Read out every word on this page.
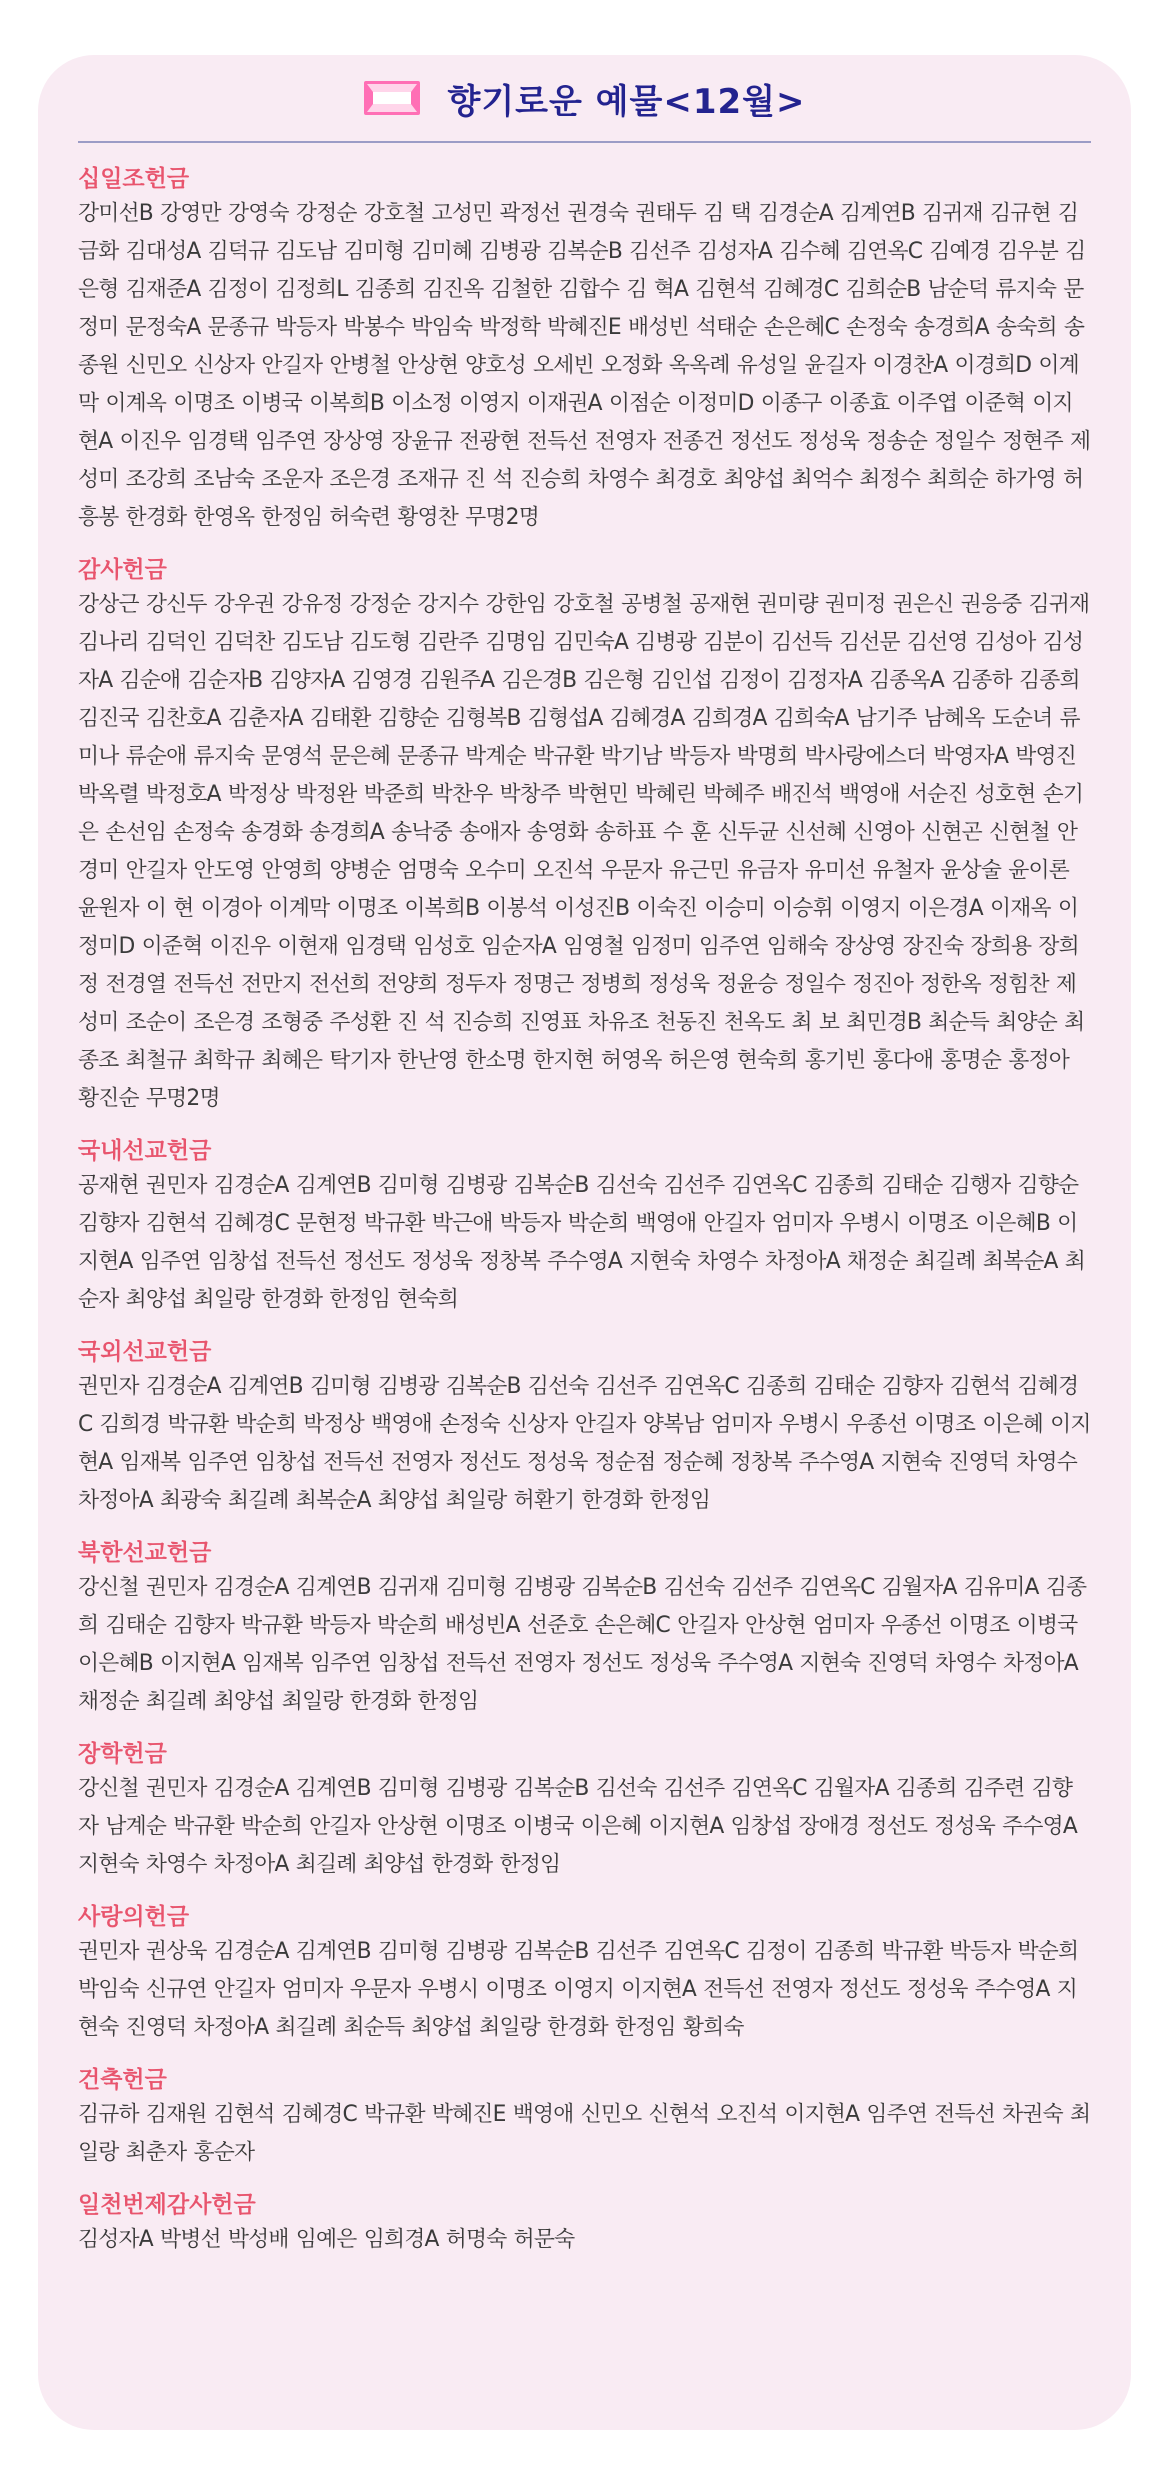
향기로운 예물<12월>
십일조헌금
강미선B 강영만 강영숙 강정순 강호철 고성민 곽정선 권경숙 권태두 김 택 김경순A 김계연B 김귀재 김규현 김금화 김대성A 김덕규 김도남 김미형 김미혜 김병광 김복순B 김선주 김성자A 김수혜 김연옥C 김예경 김우분 김은형 김재준A 김정이 김정희L 김종희 김진옥 김철한 김합수 김 혁A 김현석 김혜경C 김희순B 남순덕 류지숙 문정미 문정숙A 문종규 박등자 박봉수 박임숙 박정학 박혜진E 배성빈 석태순 손은혜C 손정숙 송경희A 송숙희 송종원 신민오 신상자 안길자 안병철 안상현 양호성 오세빈 오정화 옥옥례 유성일 윤길자 이경찬A 이경희D 이계막 이계옥 이명조 이병국 이복희B 이소정 이영지 이재권A 이점순 이정미D 이종구 이종효 이주엽 이준혁 이지현A 이진우 임경택 임주연 장상영 장윤규 전광현 전득선 전영자 전종건 정선도 정성욱 정송순 정일수 정현주 제성미 조강희 조남숙 조운자 조은경 조재규 진 석 진승희 차영수 최경호 최양섭 최억수 최정수 최희순 하가영 허흥봉 한경화 한영옥 한정임 허숙련 황영찬 무명2명
감사헌금
강상근 강신두 강우권 강유정 강정순 강지수 강한임 강호철 공병철 공재현 권미량 권미정 권은신 권응중 김귀재 김나리 김덕인 김덕찬 김도남 김도형 김란주 김명임 김민숙A 김병광 김분이 김선득 김선문 김선영 김성아 김성자A 김순애 김순자B 김양자A 김영경 김원주A 김은경B 김은형 김인섭 김정이 김정자A 김종옥A 김종하 김종희 김진국 김찬호A 김춘자A 김태환 김향순 김형복B 김형섭A 김혜경A 김희경A 김희숙A 남기주 남혜옥 도순녀 류미나 류순애 류지숙 문영석 문은혜 문종규 박계순 박규환 박기남 박등자 박명희 박사랑에스더 박영자A 박영진 박옥렬 박정호A 박정상 박정완 박준희 박찬우 박창주 박현민 박혜린 박혜주 배진석 백영애 서순진 성호현 손기은 손선임 손정숙 송경화 송경희A 송낙중 송애자 송영화 송하표 수 훈 신두균 신선혜 신영아 신현곤 신현철 안경미 안길자 안도영 안영희 양병순 엄명숙 오수미 오진석 우문자 유근민 유금자 유미선 유철자 윤상술 윤이론 윤원자 이 현 이경아 이계막 이명조 이복희B 이봉석 이성진B 이숙진 이승미 이승휘 이영지 이은경A 이재옥 이정미D 이준혁 이진우 이현재 임경택 임성호 임순자A 임영철 임정미 임주연 임해숙 장상영 장진숙 장희용 장희정 전경열 전득선 전만지 전선희 전양희 정두자 정명근 정병희 정성욱 정윤승 정일수 정진아 정한옥 정힘찬 제성미 조순이 조은경 조형중 주성환 진 석 진승희 진영표 차유조 천동진 천옥도 최 보 최민경B 최순득 최양순 최종조 최철규 최학규 최혜은 탁기자 한난영 한소명 한지현 허영옥 허은영 현숙희 홍기빈 홍다애 홍명순 홍정아 황진순 무명2명
국내선교헌금
공재현 권민자 김경순A 김계연B 김미형 김병광 김복순B 김선숙 김선주 김연옥C 김종희 김태순 김행자 김향순 김향자 김현석 김혜경C 문현정 박규환 박근애 박등자 박순희 백영애 안길자 엄미자 우병시 이명조 이은혜B 이지현A 임주연 임창섭 전득선 정선도 정성욱 정창복 주수영A 지현숙 차영수 차정아A 채정순 최길례 최복순A 최순자 최양섭 최일랑 한경화 한정임 현숙희
국외선교헌금
권민자 김경순A 김계연B 김미형 김병광 김복순B 김선숙 김선주 김연옥C 김종희 김태순 김향자 김현석 김혜경C 김희경 박규환 박순희 박정상 백영애 손정숙 신상자 안길자 양복남 엄미자 우병시 우종선 이명조 이은혜 이지현A 임재복 임주연 임창섭 전득선 전영자 정선도 정성욱 정순점 정순혜 정창복 주수영A 지현숙 진영덕 차영수 차정아A 최광숙 최길례 최복순A 최양섭 최일랑 허환기 한경화 한정임
북한선교헌금
강신철 권민자 김경순A 김계연B 김귀재 김미형 김병광 김복순B 김선숙 김선주 김연옥C 김월자A 김유미A 김종희 김태순 김향자 박규환 박등자 박순희 배성빈A 선준호 손은혜C 안길자 안상현 엄미자 우종선 이명조 이병국 이은혜B 이지현A 임재복 임주연 임창섭 전득선 전영자 정선도 정성욱 주수영A 지현숙 진영덕 차영수 차정아A 채정순 최길례 최양섭 최일랑 한경화 한정임
장학헌금
강신철 권민자 김경순A 김계연B 김미형 김병광 김복순B 김선숙 김선주 김연옥C 김월자A 김종희 김주련 김향자 남계순 박규환 박순희 안길자 안상현 이명조 이병국 이은혜 이지현A 임창섭 장애경 정선도 정성욱 주수영A 지현숙 차영수 차정아A 최길례 최양섭 한경화 한정임
사랑의헌금
권민자 권상욱 김경순A 김계연B 김미형 김병광 김복순B 김선주 김연옥C 김정이 김종희 박규환 박등자 박순희 박임숙 신규연 안길자 엄미자 우문자 우병시 이명조 이영지 이지현A 전득선 전영자 정선도 정성욱 주수영A 지현숙 진영덕 차정아A 최길례 최순득 최양섭 최일랑 한경화 한정임 황희숙
건축헌금
김규하 김재원 김현석 김혜경C 박규환 박혜진E 백영애 신민오 신현석 오진석 이지현A 임주연 전득선 차권숙 최일랑 최춘자 홍순자
일천번제감사헌금
김성자A 박병선 박성배 임예은 임희경A 허명숙 허문숙
